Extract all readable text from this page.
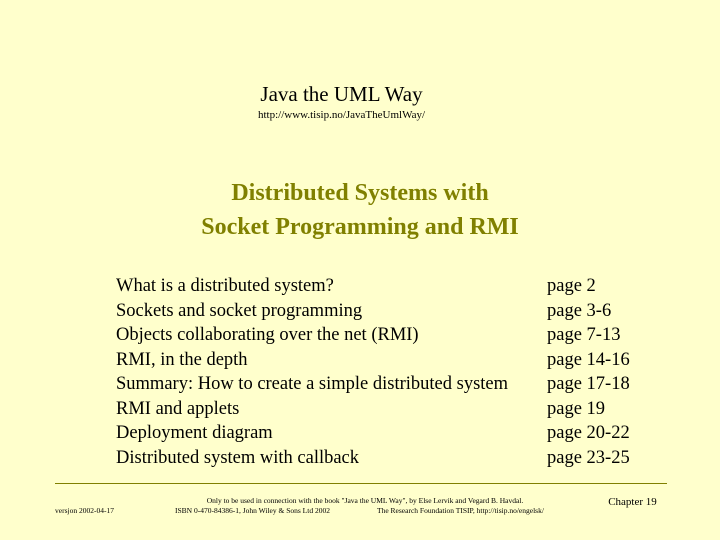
Java the UML Way
http://www.tisip.no/JavaTheUmlWay/
Distributed Systems with
Socket Programming and RMI
What is a distributed system?	page 2
Sockets and socket programming	page 3-6
Objects collaborating over the net (RMI)	page 7-13
RMI, in the depth	page 14-16
Summary: How to create a simple distributed system page 17-18
RMI and applets	page 19
Deployment diagram	page 20-22
Distributed system with callback	page 23-25
Only to be used in connection with the book "Java the UML Way", by Else Lervik and Vegard B. Havdal.
versjon 2002-04-17	ISBN 0-470-84386-1, John Wiley & Sons Ltd 2002	The Research Foundation TISIP, http://tisip.no/engelsk/
Chapter 19
